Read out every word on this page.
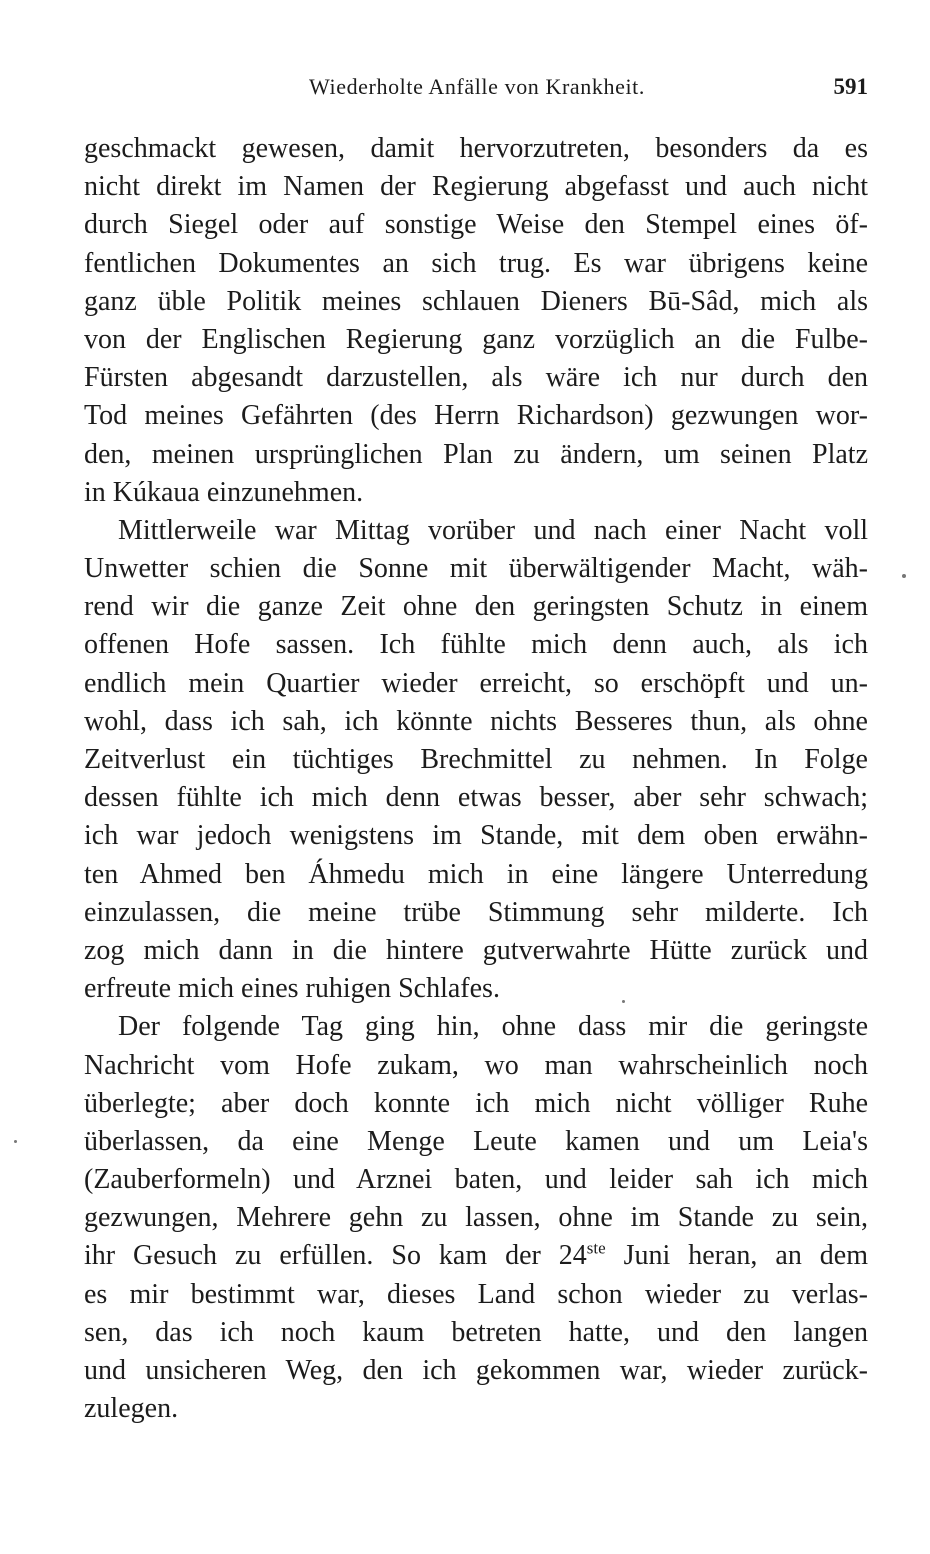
Wiederholte Anfälle von Krankheit.	591
geschmackt gewesen, damit hervorzutreten, besonders da es
nicht direkt im Namen der Regierung abgefasst und auch nicht
durch Siegel oder auf sonstige Weise den Stempel eines öf-
fentlichen Dokumentes an sich trug. Es war übrigens keine
ganz üble Politik meines schlauen Dieners Bū-Sâd, mich als
von der Englischen Regierung ganz vorzüglich an die Fulbe-
Fürsten abgesandt darzustellen, als wäre ich nur durch den
Tod meines Gefährten (des Herrn Richardson) gezwungen wor-
den, meinen ursprünglichen Plan zu ändern, um seinen Platz
in Kúkaua einzunehmen.
Mittlerweile war Mittag vorüber und nach einer Nacht voll
Unwetter schien die Sonne mit überwältigender Macht, wäh-
rend wir die ganze Zeit ohne den geringsten Schutz in einem
offenen Hofe sassen. Ich fühlte mich denn auch, als ich
endlich mein Quartier wieder erreicht, so erschöpft und un-
wohl, dass ich sah, ich könnte nichts Besseres thun, als ohne
Zeitverlust ein tüchtiges Brechmittel zu nehmen. In Folge
dessen fühlte ich mich denn etwas besser, aber sehr schwach;
ich war jedoch wenigstens im Stande, mit dem oben erwähn-
ten Ahmed ben Áhmedu mich in eine längere Unterredung
einzulassen, die meine trübe Stimmung sehr milderte. Ich
zog mich dann in die hintere gutverwahrte Hütte zurück und
erfreute mich eines ruhigen Schlafes.
Der folgende Tag ging hin, ohne dass mir die geringste
Nachricht vom Hofe zukam, wo man wahrscheinlich noch
überlegte; aber doch konnte ich mich nicht völliger Ruhe
überlassen, da eine Menge Leute kamen und um Leia's
(Zauberformeln) und Arznei baten, und leider sah ich mich
gezwungen, Mehrere gehn zu lassen, ohne im Stande zu sein,
ihr Gesuch zu erfüllen. So kam der 24ste Juni heran, an dem
es mir bestimmt war, dieses Land schon wieder zu verlas-
sen, das ich noch kaum betreten hatte, und den langen
und unsicheren Weg, den ich gekommen war, wieder zurück-
zulegen.
